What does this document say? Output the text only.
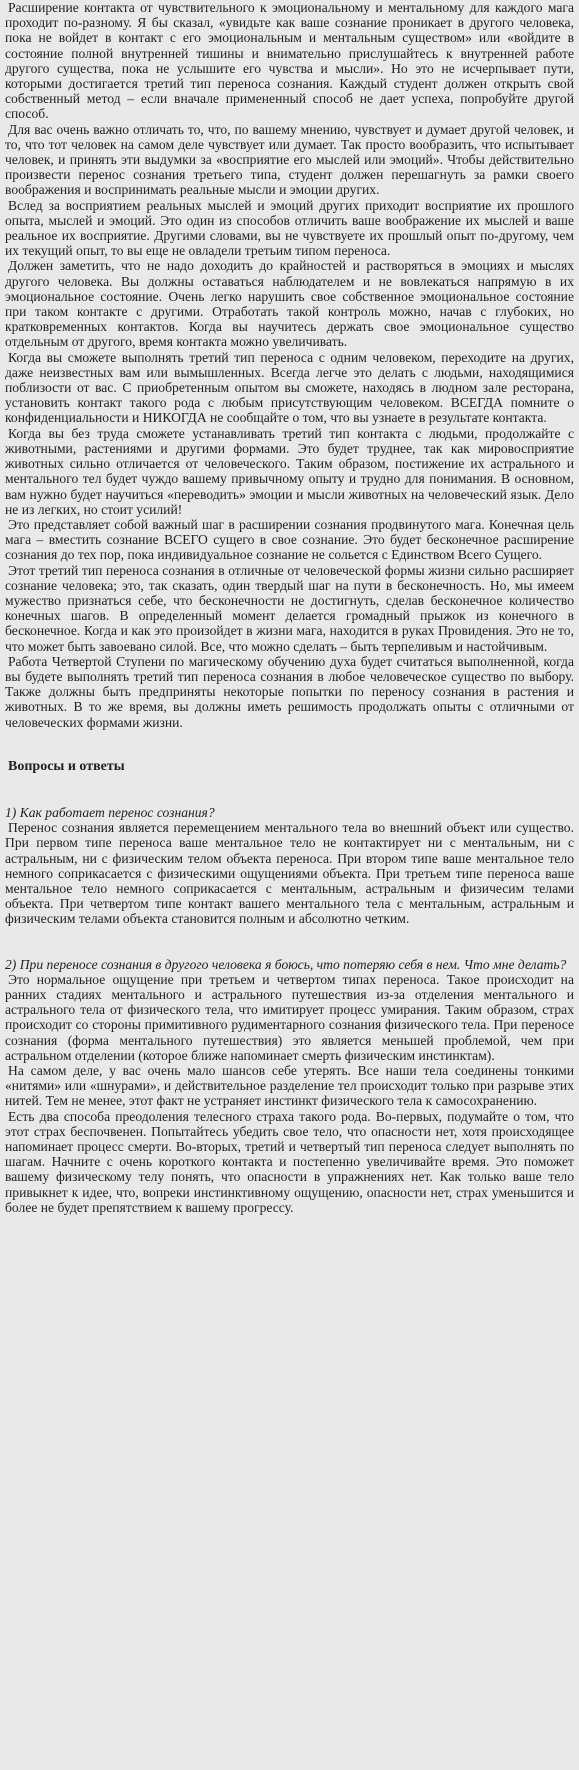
Расширение контакта от чувствительного к эмоциональному и ментальному для каждого мага проходит по-разному. Я бы сказал, «увидьте как ваше сознание проникает в другого человека, пока не войдет в контакт с его эмоциональным и ментальным существом» или «войдите в состояние полной внутренней тишины и внимательно прислушайтесь к внутренней работе другого существа, пока не услышите его чувства и мысли». Но это не исчерпывает пути, которыми достигается третий тип переноса сознания. Каждый студент должен открыть свой собственный метод – если вначале примененный способ не дает успеха, попробуйте другой способ.

Для вас очень важно отличать то, что, по вашему мнению, чувствует и думает другой человек, и то, что тот человек на самом деле чувствует или думает. Так просто вообразить, что испытывает человек, и принять эти выдумки за «восприятие его мыслей или эмоций». Чтобы действительно произвести перенос сознания третьего типа, студент должен перешагнуть за рамки своего воображения и воспринимать реальные мысли и эмоции других.

Вслед за восприятием реальных мыслей и эмоций других приходит восприятие их прошлого опыта, мыслей и эмоций. Это один из способов отличить ваше воображение их мыслей и ваше реальное их восприятие. Другими словами, вы не чувствуете их прошлый опыт по-другому, чем их текущий опыт, то вы еще не овладели третьим типом переноса.

Должен заметить, что не надо доходить до крайностей и растворяться в эмоциях и мыслях другого человека. Вы должны оставаться наблюдателем и не вовлекаться напрямую в их эмоциональное состояние. Очень легко нарушить свое собственное эмоциональное состояние при таком контакте с другими. Отработать такой контроль можно, начав с глубоких, но кратковременных контактов. Когда вы научитесь держать свое эмоциональное существо отдельным от другого, время контакта можно увеличивать.

Когда вы сможете выполнять третий тип переноса с одним человеком, переходите на других, даже неизвестных вам или вымышленных. Всегда легче это делать с людьми, находящимися поблизости от вас. С приобретенным опытом вы сможете, находясь в людном зале ресторана, установить контакт такого рода с любым присутствующим человеком. ВСЕГДА помните о конфиденциальности и НИКОГДА не сообщайте о том, что вы узнаете в результате контакта.

Когда вы без труда сможете устанавливать третий тип контакта с людьми, продолжайте с животными, растениями и другими формами. Это будет труднее, так как мировосприятие животных сильно отличается от человеческого. Таким образом, постижение их астрального и ментального тел будет чуждо вашему привычному опыту и трудно для понимания. В основном, вам нужно будет научиться «переводить» эмоции и мысли животных на человеческий язык. Дело не из легких, но стоит усилий!

Это представляет собой важный шаг в расширении сознания продвинутого мага. Конечная цель мага – вместить сознание ВСЕГО сущего в свое сознание. Это будет бесконечное расширение сознания до тех пор, пока индивидуальное сознание не сольется с Единством Всего Сущего.

Этот третий тип переноса сознания в отличные от человеческой формы жизни сильно расширяет сознание человека; это, так сказать, один твердый шаг на пути в бесконечность. Но, мы имеем мужество признаться себе, что бесконечности не достигнуть, сделав бесконечное количество конечных шагов. В определенный момент делается громадный прыжок из конечного в бесконечное. Когда и как это произойдет в жизни мага, находится в руках Провидения. Это не то, что может быть завоевано силой. Все, что можно сделать – быть терпеливым и настойчивым.

Работа Четвертой Ступени по магическому обучению духа будет считаться выполненной, когда вы будете выполнять третий тип переноса сознания в любое человеческое существо по выбору. Также должны быть предприняты некоторые попытки по переносу сознания в растения и животных. В то же время, вы должны иметь решимость продолжать опыты с отличными от человеческих формами жизни.

Вопросы и ответы

1) Как работает перенос сознания?

Перенос сознания является перемещением ментального тела во внешний объект или существо. При первом типе переноса ваше ментальное тело не контактирует ни с ментальным, ни с астральным, ни с физическим телом объекта переноса. При втором типе ваше ментальное тело немного соприкасается с физическими ощущениями объекта. При третьем типе переноса ваше ментальное тело немного соприкасается с ментальным, астральным и физичесим телами объекта. При четвертом типе контакт вашего ментального тела с ментальным, астральным и физическим телами объекта становится полным и абсолютно четким.

2) При переносе сознания в другого человека я боюсь, что потеряю себя в нем. Что мне делать?

Это нормальное ощущение при третьем и четвертом типах переноса. Такое происходит на ранних стадиях ментального и астрального путешествия из-за отделения ментального и астрального тела от физического тела, что имитирует процесс умирания. Таким образом, страх происходит со стороны примитивного рудиментарного сознания физического тела. При переносе сознания (форма ментального путешествия) это является меньшей проблемой, чем при астральном отделении (которое ближе напоминает смерть физическим инстинктам).

На самом деле, у вас очень мало шансов себе утерять. Все наши тела соединены тонкими «нитями» или «шнурами», и действительное разделение тел происходит только при разрыве этих нитей. Тем не менее, этот факт не устраняет инстинкт физического тела к самосохранению.

Есть два способа преодоления телесного страха такого рода. Во-первых, подумайте о том, что этот страх беспочвенен. Попытайтесь убедить свое тело, что опасности нет, хотя происходящее напоминает процесс смерти. Во-вторых, третий и четвертый тип переноса следует выполнять по шагам. Начните с очень короткого контакта и постепенно увеличивайте время. Это поможет вашему физическому телу понять, что опасности в упражнениях нет. Как только ваше тело привыкнет к идее, что, вопреки инстинктивному ощущению, опасности нет, страх уменьшится и более не будет препятствием к вашему прогрессу.
